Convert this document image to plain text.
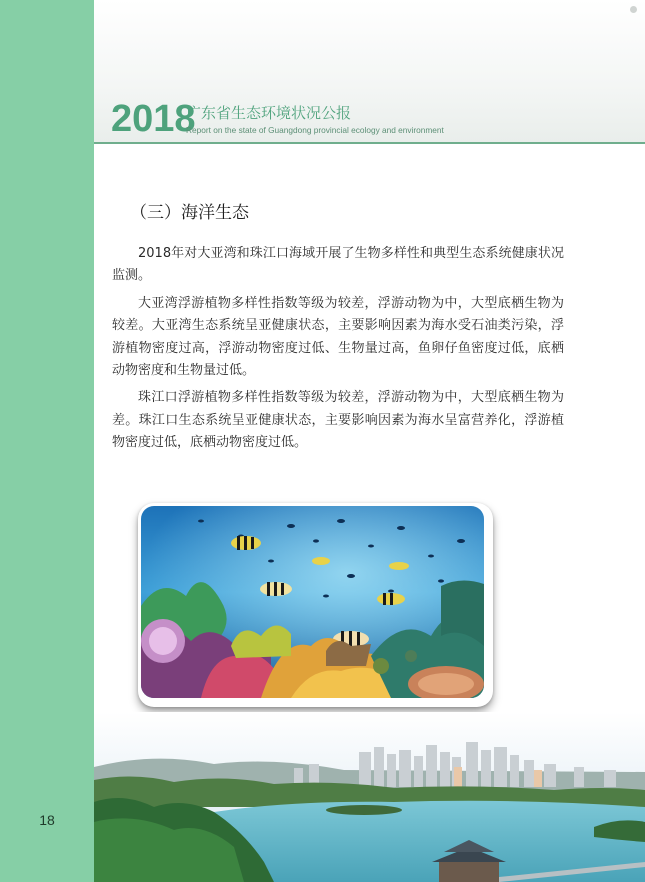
18
2018
广东省生态环境状况公报
Report on the state of Guangdong provincial ecology and environment
（三）海洋生态

2018年对大亚湾和珠江口海域开展了生物多样性和典型生态系统健康状况监测。

大亚湾浮游植物多样性指数等级为较差，浮游动物为中，大型底栖生物为较差。大亚湾生态系统呈亚健康状态，主要影响因素为海水受石油类污染，浮游植物密度过高，浮游动物密度过低、生物量过高，鱼卵仔鱼密度过低，底栖动物密度和生物量过低。

珠江口浮游植物多样性指数等级为较差，浮游动物为中，大型底栖生物为差。珠江口生态系统呈亚健康状态，主要影响因素为海水呈富营养化，浮游植物密度过低，底栖动物密度过低。
